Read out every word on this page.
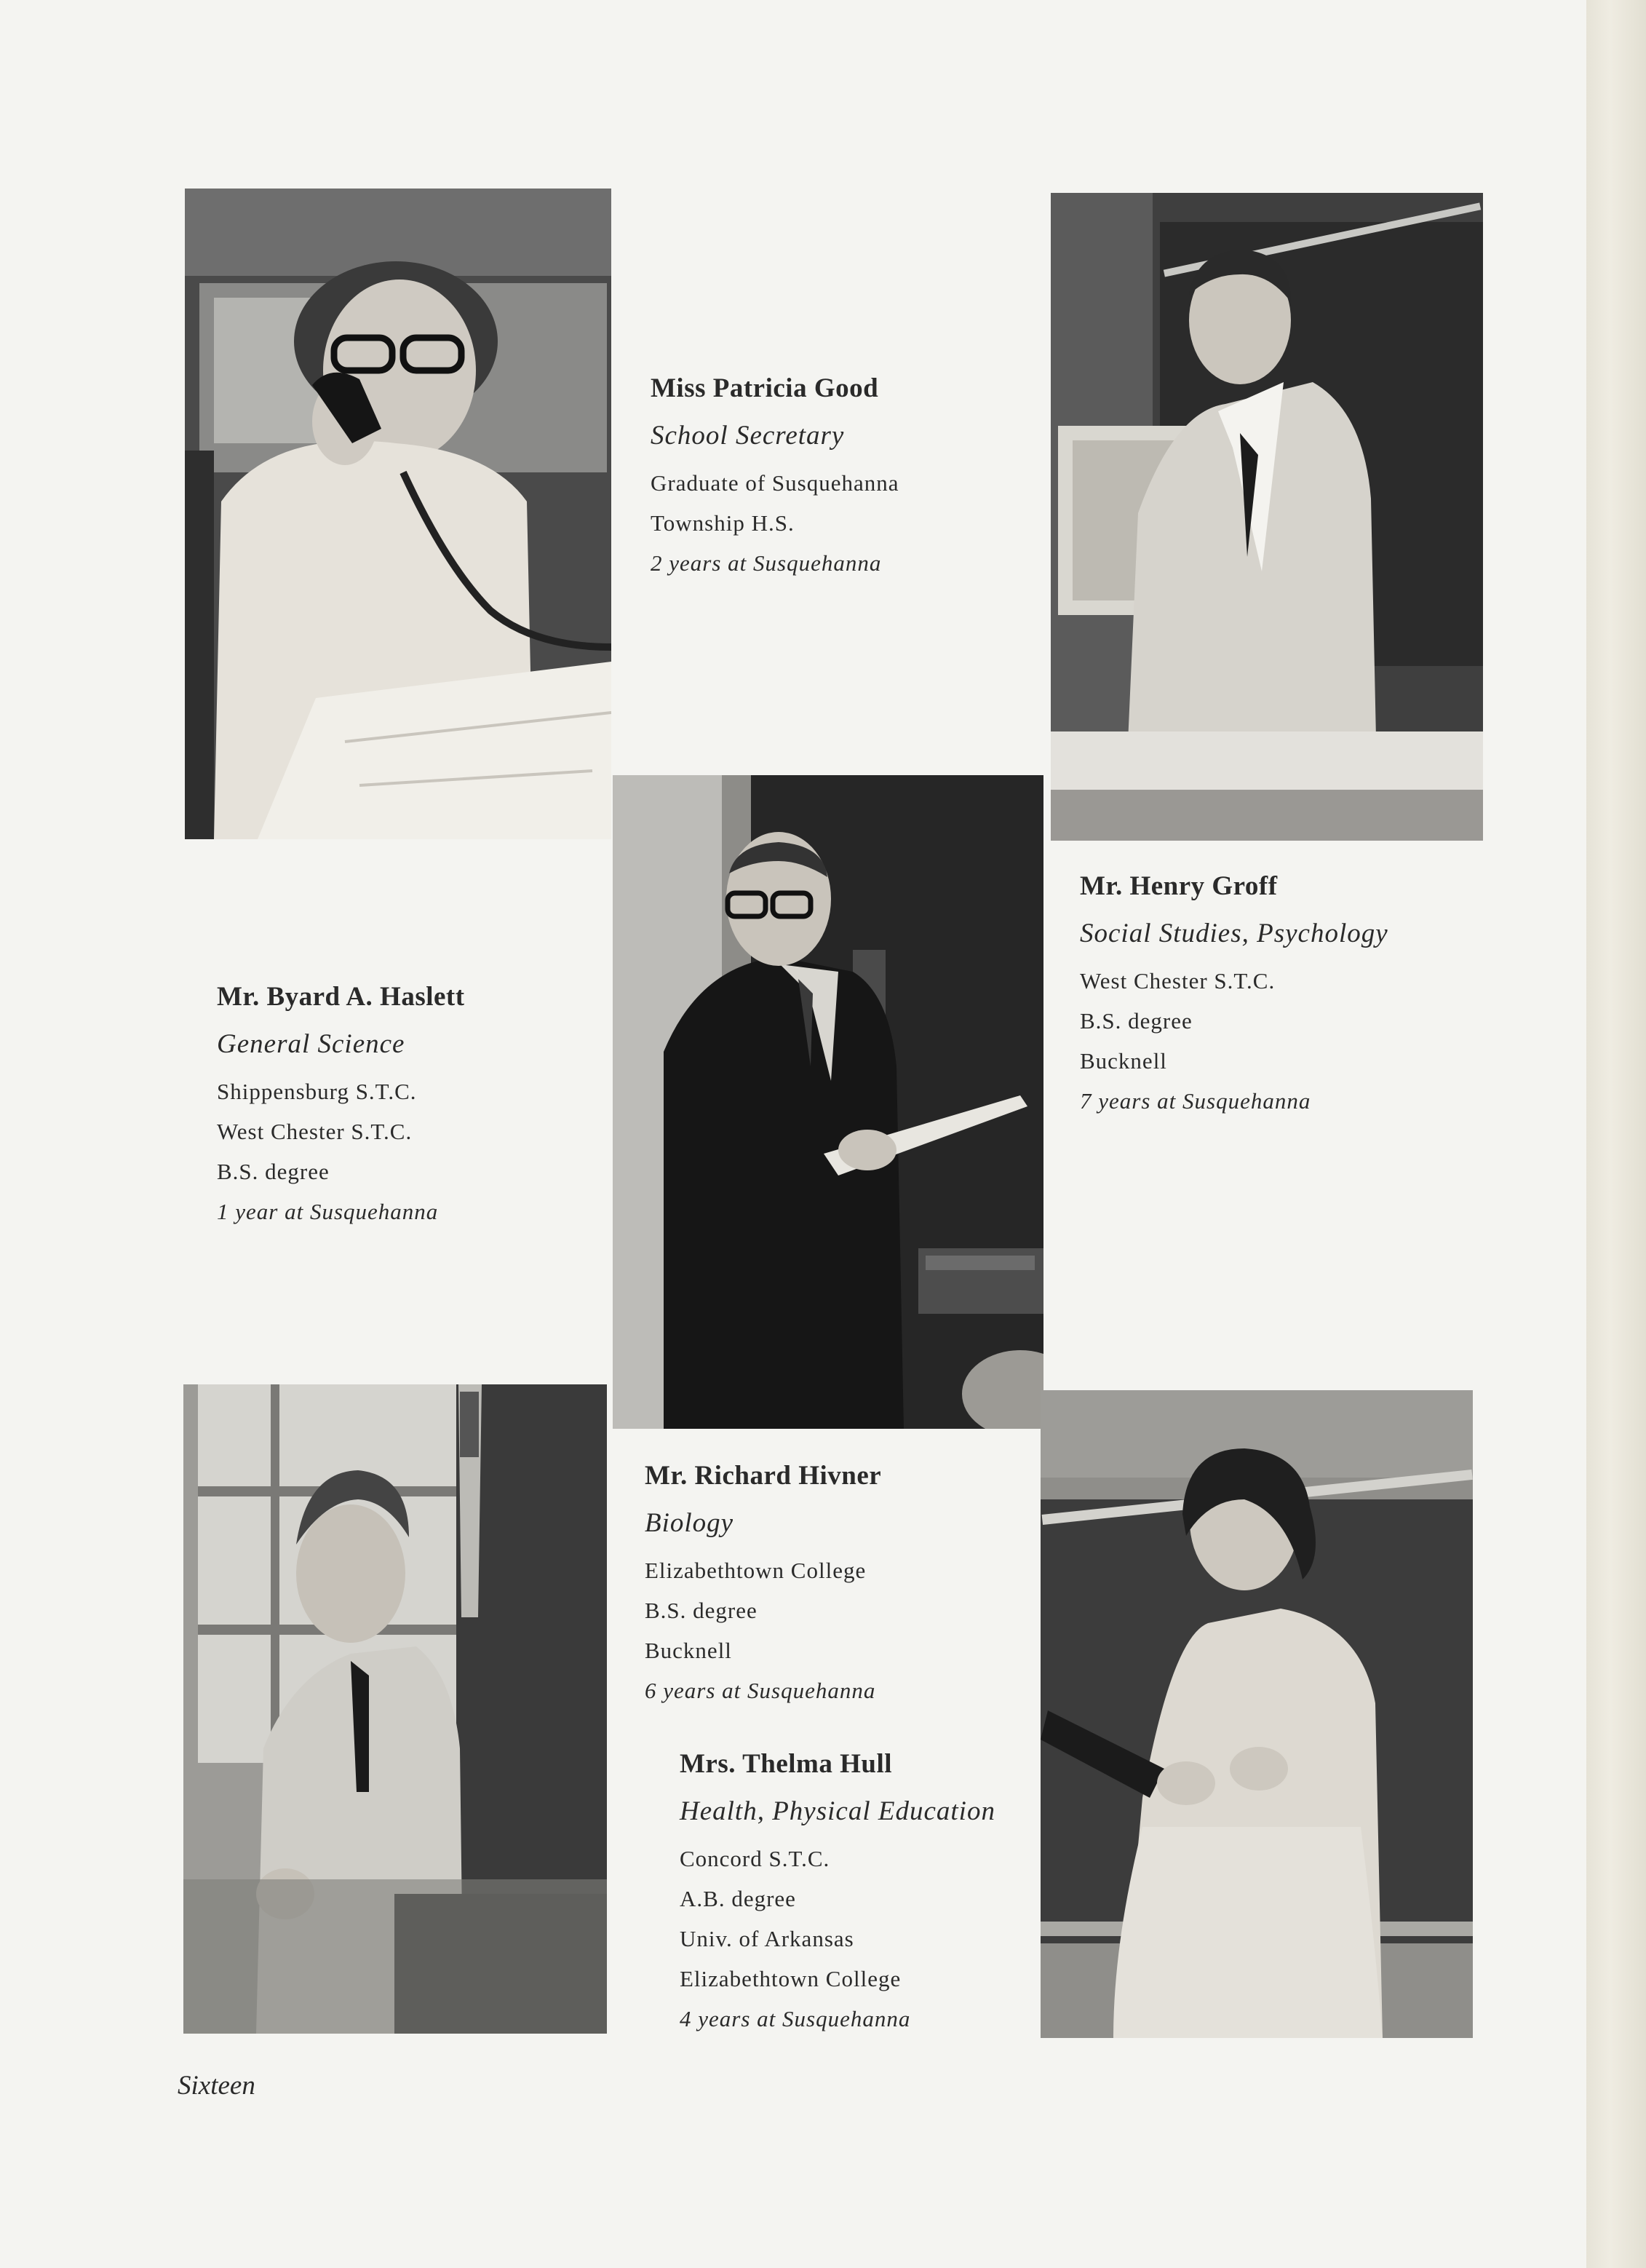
Miss Patricia Good
School Secretary
Graduate of Susquehanna
Township H.S.
2 years at Susquehanna
Mr. Henry Groff
Social Studies, Psychology
West Chester S.T.C.
B.S. degree
Bucknell
7 years at Susquehanna
Mr. Byard A. Haslett
General Science
Shippensburg S.T.C.
West Chester S.T.C.
B.S. degree
1 year at Susquehanna
Mr. Richard Hivner
Biology
Elizabethtown College
B.S. degree
Bucknell
6 years at Susquehanna
Mrs. Thelma Hull
Health, Physical Education
Concord S.T.C.
A.B. degree
Univ. of Arkansas
Elizabethtown College
4 years at Susquehanna
Sixteen
